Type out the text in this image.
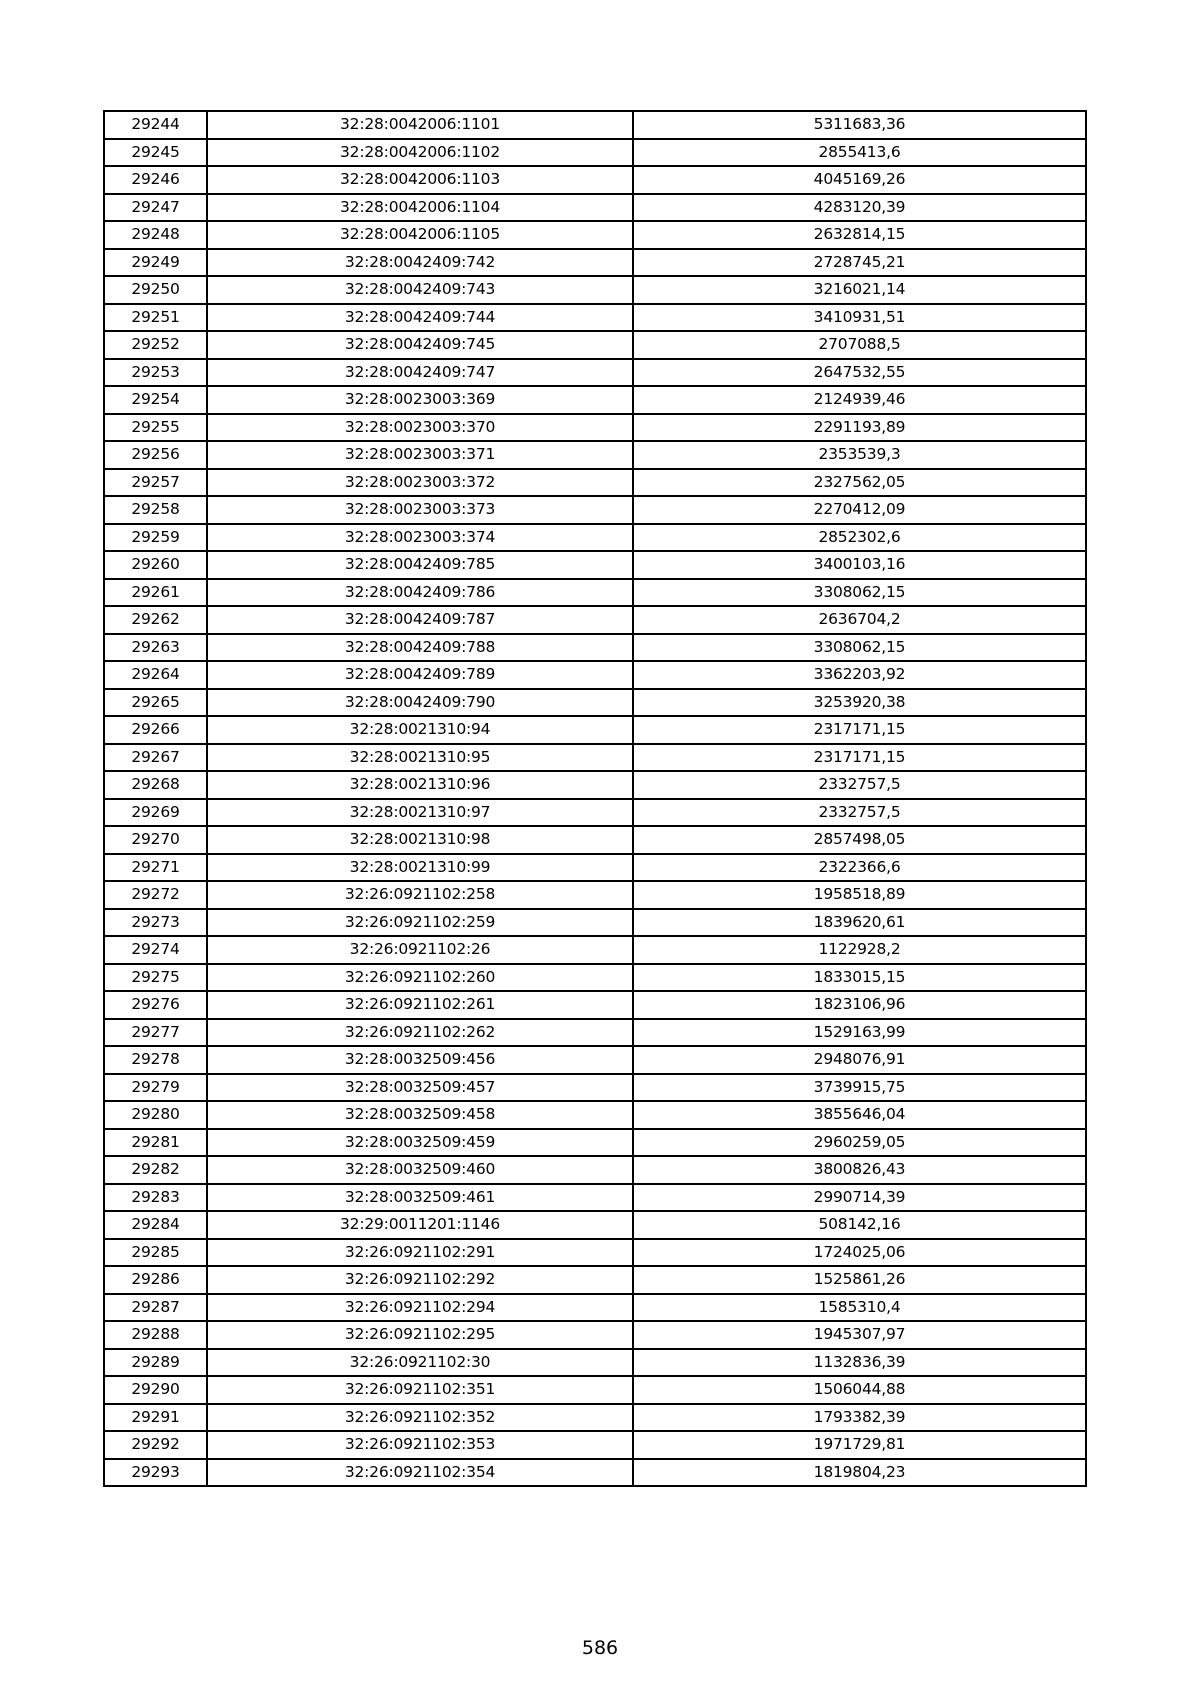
29244	32:28:0042006:1101	5311683,36
29245	32:28:0042006:1102	2855413,6
29246	32:28:0042006:1103	4045169,26
29247	32:28:0042006:1104	4283120,39
29248	32:28:0042006:1105	2632814,15
29249	32:28:0042409:742	2728745,21
29250	32:28:0042409:743	3216021,14
29251	32:28:0042409:744	3410931,51
29252	32:28:0042409:745	2707088,5
29253	32:28:0042409:747	2647532,55
29254	32:28:0023003:369	2124939,46
29255	32:28:0023003:370	2291193,89
29256	32:28:0023003:371	2353539,3
29257	32:28:0023003:372	2327562,05
29258	32:28:0023003:373	2270412,09
29259	32:28:0023003:374	2852302,6
29260	32:28:0042409:785	3400103,16
29261	32:28:0042409:786	3308062,15
29262	32:28:0042409:787	2636704,2
29263	32:28:0042409:788	3308062,15
29264	32:28:0042409:789	3362203,92
29265	32:28:0042409:790	3253920,38
29266	32:28:0021310:94	2317171,15
29267	32:28:0021310:95	2317171,15
29268	32:28:0021310:96	2332757,5
29269	32:28:0021310:97	2332757,5
29270	32:28:0021310:98	2857498,05
29271	32:28:0021310:99	2322366,6
29272	32:26:0921102:258	1958518,89
29273	32:26:0921102:259	1839620,61
29274	32:26:0921102:26	1122928,2
29275	32:26:0921102:260	1833015,15
29276	32:26:0921102:261	1823106,96
29277	32:26:0921102:262	1529163,99
29278	32:28:0032509:456	2948076,91
29279	32:28:0032509:457	3739915,75
29280	32:28:0032509:458	3855646,04
29281	32:28:0032509:459	2960259,05
29282	32:28:0032509:460	3800826,43
29283	32:28:0032509:461	2990714,39
29284	32:29:0011201:1146	508142,16
29285	32:26:0921102:291	1724025,06
29286	32:26:0921102:292	1525861,26
29287	32:26:0921102:294	1585310,4
29288	32:26:0921102:295	1945307,97
29289	32:26:0921102:30	1132836,39
29290	32:26:0921102:351	1506044,88
29291	32:26:0921102:352	1793382,39
29292	32:26:0921102:353	1971729,81
29293	32:26:0921102:354	1819804,23
586
